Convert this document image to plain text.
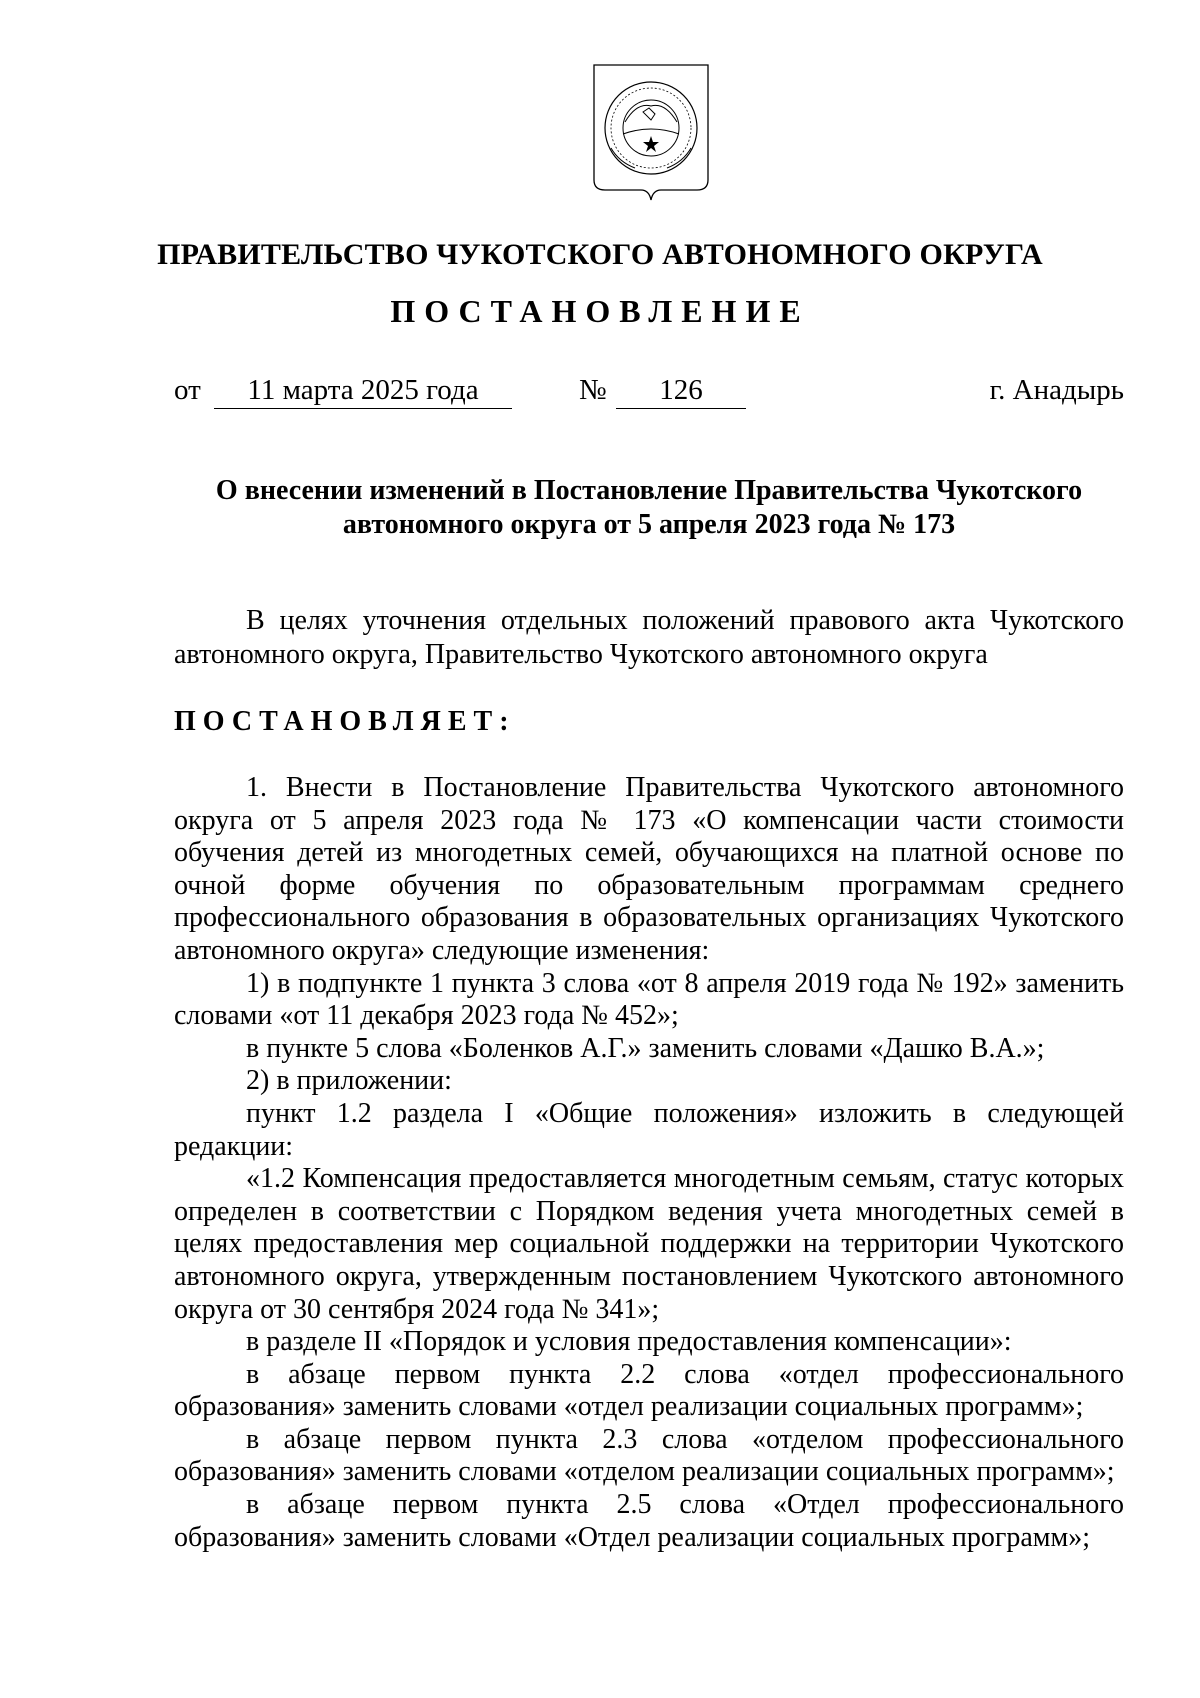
ПРАВИТЕЛЬСТВО ЧУКОТСКОГО АВТОНОМНОГО ОКРУГА
ПОСТАНОВЛЕНИЕ
от	11 марта 2025 года	№	126	г. Анадырь
О внесении изменений в Постановление Правительства Чукотского
автономного округа от 5 апреля 2023 года № 173

В целях уточнения отдельных положений правового акта Чукотского автономного округа, Правительство Чукотского автономного округа

ПОСТАНОВЛЯЕТ:

1. Внести в Постановление Правительства Чукотского автономного округа от 5 апреля 2023 года № 173 «О компенсации части стоимости обучения детей из многодетных семей, обучающихся на платной основе по очной форме обучения по образовательным программам среднего профессионального образования в образовательных организациях Чукотского автономного округа» следующие изменения:

1) в подпункте 1 пункта 3 слова «от 8 апреля 2019 года № 192» заменить словами «от 11 декабря 2023 года № 452»;

в пункте 5 слова «Боленков А.Г.» заменить словами «Дашко В.А.»;

2) в приложении:

пункт 1.2 раздела I «Общие положения» изложить в следующей редакции:

«1.2 Компенсация предоставляется многодетным семьям, статус которых определен в соответствии с Порядком ведения учета многодетных семей в целях предоставления мер социальной поддержки на территории Чукотского автономного округа, утвержденным постановлением Чукотского автономного округа от 30 сентября 2024 года № 341»;

в разделе II «Порядок и условия предоставления компенсации»:

в абзаце первом пункта 2.2 слова «отдел профессионального образования» заменить словами «отдел реализации социальных программ»;

в абзаце первом пункта 2.3 слова «отделом профессионального образования» заменить словами «отделом реализации социальных программ»;

в абзаце первом пункта 2.5 слова «Отдел профессионального образования» заменить словами «Отдел реализации социальных программ»;
